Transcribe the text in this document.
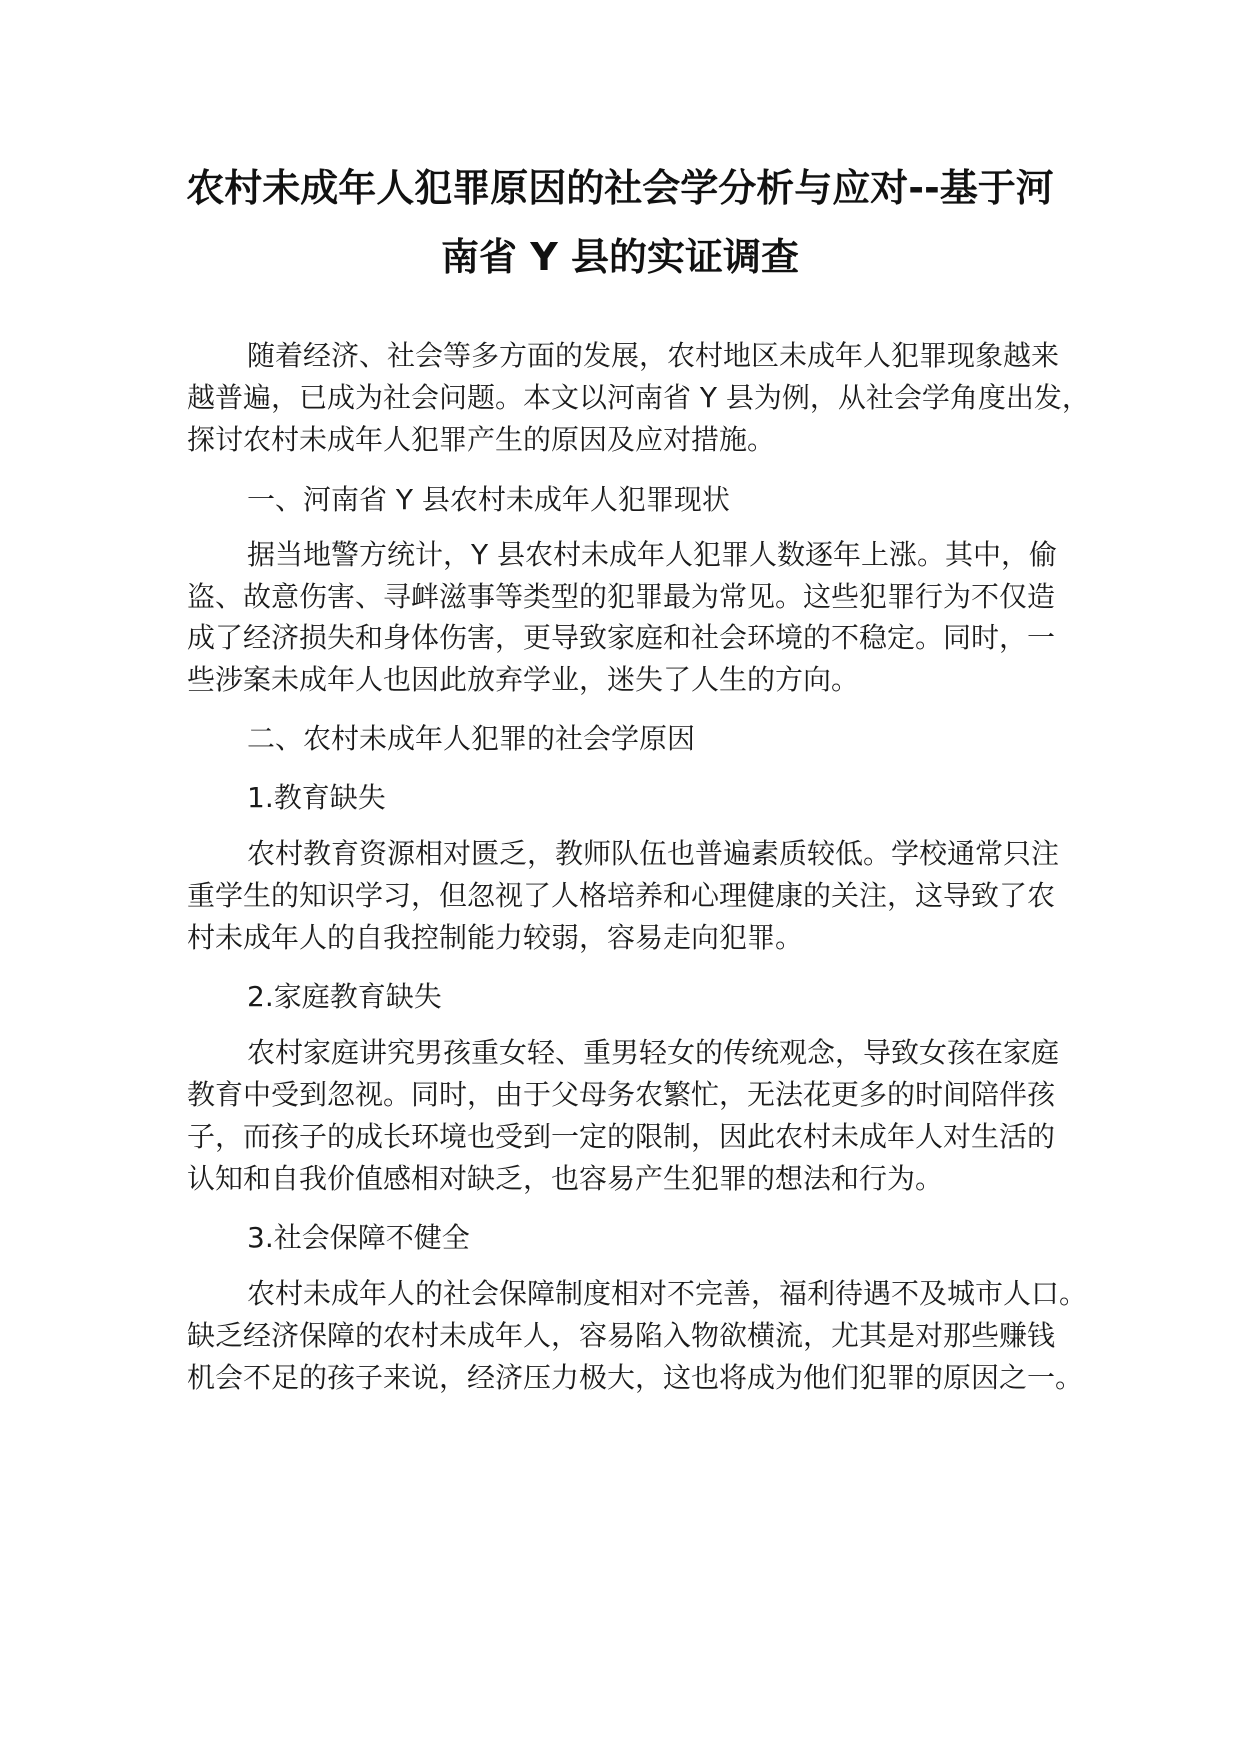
农村未成年人犯罪原因的社会学分析与应对--基于河
南省 Y 县的实证调查
随着经济、社会等多方面的发展，农村地区未成年人犯罪现象越来
越普遍，已成为社会问题。本文以河南省 Y 县为例，从社会学角度出发，
探讨农村未成年人犯罪产生的原因及应对措施。
一、河南省 Y 县农村未成年人犯罪现状
据当地警方统计，Y 县农村未成年人犯罪人数逐年上涨。其中，偷
盗、故意伤害、寻衅滋事等类型的犯罪最为常见。这些犯罪行为不仅造
成了经济损失和身体伤害，更导致家庭和社会环境的不稳定。同时，一
些涉案未成年人也因此放弃学业，迷失了人生的方向。
二、农村未成年人犯罪的社会学原因
1.教育缺失
农村教育资源相对匮乏，教师队伍也普遍素质较低。学校通常只注
重学生的知识学习，但忽视了人格培养和心理健康的关注，这导致了农
村未成年人的自我控制能力较弱，容易走向犯罪。
2.家庭教育缺失
农村家庭讲究男孩重女轻、重男轻女的传统观念，导致女孩在家庭
教育中受到忽视。同时，由于父母务农繁忙，无法花更多的时间陪伴孩
子，而孩子的成长环境也受到一定的限制，因此农村未成年人对生活的
认知和自我价值感相对缺乏，也容易产生犯罪的想法和行为。
3.社会保障不健全
农村未成年人的社会保障制度相对不完善，福利待遇不及城市人口。
缺乏经济保障的农村未成年人，容易陷入物欲横流，尤其是对那些赚钱
机会不足的孩子来说，经济压力极大，这也将成为他们犯罪的原因之一。
